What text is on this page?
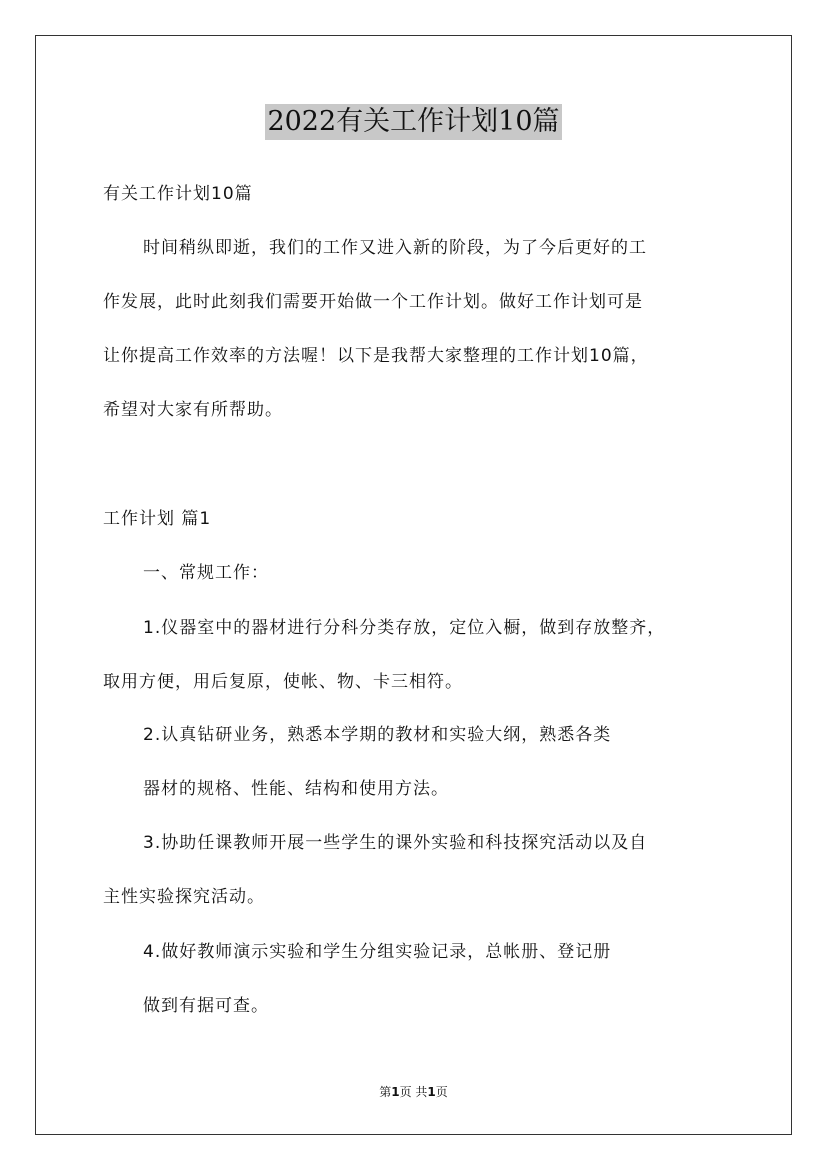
2022有关工作计划10篇
有关工作计划10篇
时间稍纵即逝，我们的工作又进入新的阶段，为了今后更好的工
作发展，此时此刻我们需要开始做一个工作计划。做好工作计划可是
让你提高工作效率的方法喔！以下是我帮大家整理的工作计划10篇，
希望对大家有所帮助。
工作计划 篇1
一、常规工作：
1.仪器室中的器材进行分科分类存放，定位入橱，做到存放整齐，
取用方便，用后复原，使帐、物、卡三相符。
2.认真钻研业务，熟悉本学期的教材和实验大纲，熟悉各类
器材的规格、性能、结构和使用方法。
3.协助任课教师开展一些学生的课外实验和科技探究活动以及自
主性实验探究活动。
4.做好教师演示实验和学生分组实验记录，总帐册、登记册
做到有据可查。
第1页 共1页
